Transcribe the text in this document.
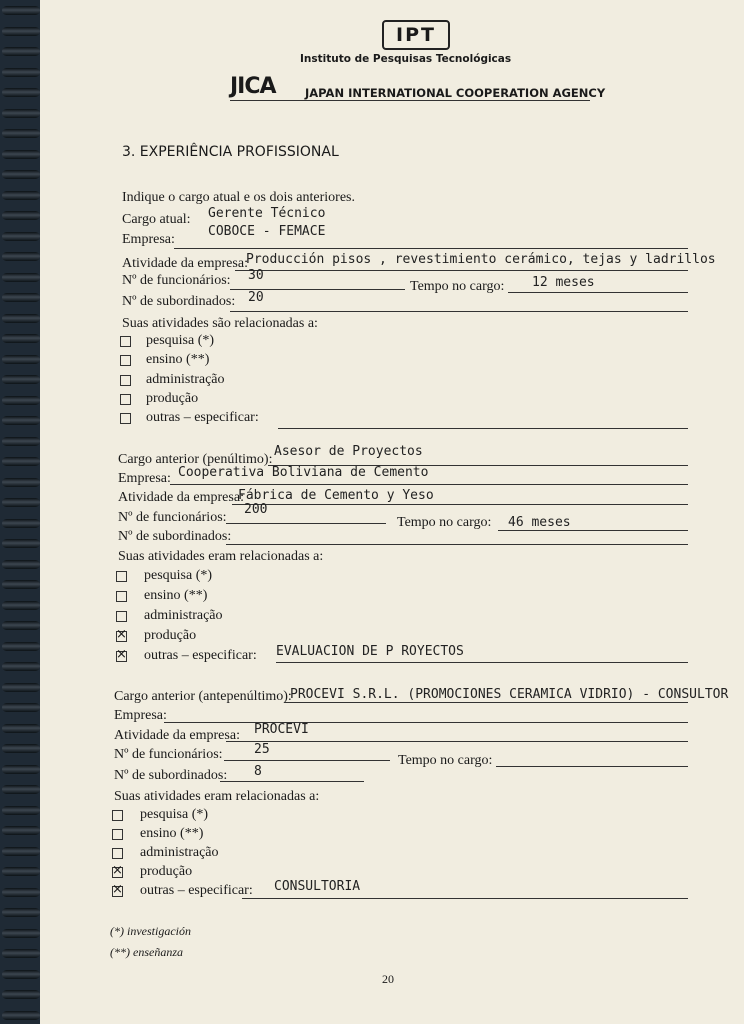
IPT
Instituto de Pesquisas Tecnológicas
JICA	JAPAN INTERNATIONAL COOPERATION AGENCY
3. EXPERIÊNCIA PROFISSIONAL
Indique o cargo atual e os dois anteriores.
Cargo atual: Gerente Técnico
Empresa:
COBOCE - FEMACE
Atividade da empresa:
Producción pisos , revestimiento cerámico, tejas y ladrillos
Nº de funcionários: 30
Tempo no cargo: 12 meses
Nº de subordinados: 20
Suas atividades são relacionadas a:
pesquisa (*)
ensino (**)
administração
produção
outras – especificar:
Cargo anterior (penúltimo):
Asesor de Proyectos
Empresa: Cooperativa Boliviana de Cemento
Atividade da empresa:
Fábrica de Cemento y Yeso
Nº de funcionários:
200
Tempo no cargo: 46 meses
Nº de subordinados:
Suas atividades eram relacionadas a:
pesquisa (*)
ensino (**)
administração
×
produção
×
outras – especificar: EVALUACION DE P ROYECTOS
Cargo anterior (antepenúltimo):
PROCEVI S.R.L. (PROMOCIONES CERAMICA VIDRIO) - CONSULTOR
Empresa:
Atividade da empresa: PROCEVI
Nº de funcionários: 25
Tempo no cargo:
Nº de subordinados: 8
Suas atividades eram relacionadas a:
pesquisa (*)
ensino (**)
administração
×
produção
×
outras – especificar: CONSULTORIA
(*) investigación
(**) enseñanza
20
